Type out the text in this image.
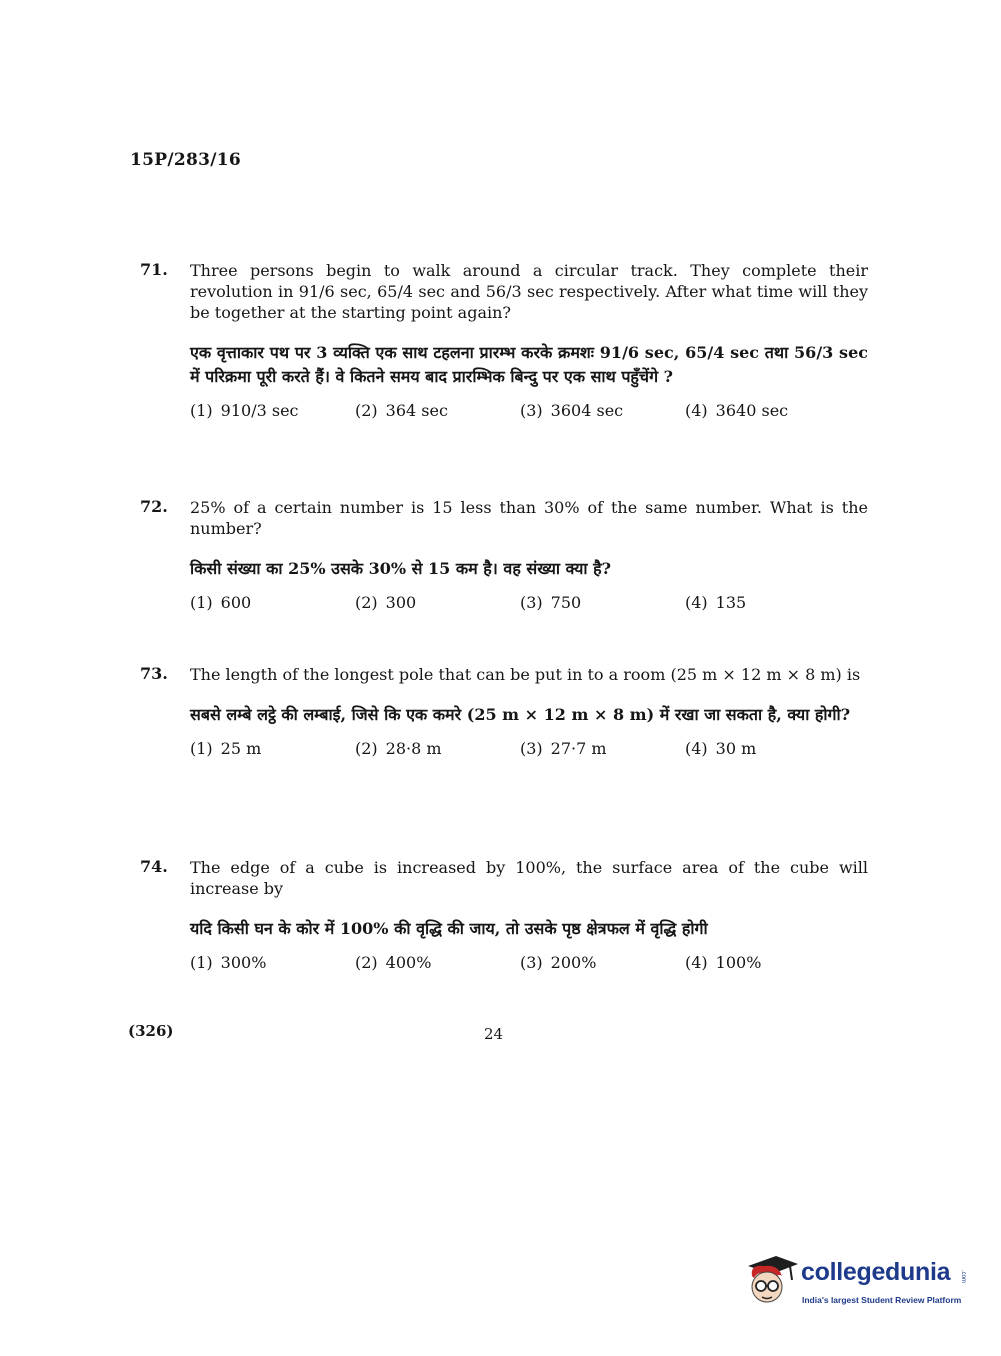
15P/283/16
71. Three persons begin to walk around a circular track. They complete their revolution in 91/6 sec, 65/4 sec and 56/3 sec respectively. After what time will they be together at the starting point again?
एक वृत्ताकार पथ पर 3 व्यक्ति एक साथ टहलना प्रारम्भ करके क्रमशः 91/6 sec, 65/4 sec तथा 56/3 sec में परिक्रमा पूरी करते हैं। वे कितने समय बाद प्रारम्भिक बिन्दु पर एक साथ पहुँचेंगे ?
(1) 910/3 sec	(2) 364 sec	(3) 3604 sec	(4) 3640 sec
72. 25% of a certain number is 15 less than 30% of the same number. What is the number?
किसी संख्या का 25% उसके 30% से 15 कम है। वह संख्या क्या है?
(1) 600	(2) 300	(3) 750	(4) 135
73. The length of the longest pole that can be put in to a room (25 m × 12 m × 8 m) is
सबसे लम्बे लट्ठे की लम्बाई, जिसे कि एक कमरे (25 m × 12 m × 8 m) में रखा जा सकता है, क्या होगी?
(1) 25 m	(2) 28·8 m	(3) 27·7 m	(4) 30 m
74. The edge of a cube is increased by 100%, the surface area of the cube will increase by
यदि किसी घन के कोर में 100% की वृद्धि की जाय, तो उसके पृष्ठ क्षेत्रफल में वृद्धि होगी
(1) 300%	(2) 400%	(3) 200%	(4) 100%
(326)	24
collegedunia .com
India's largest Student Review Platform
